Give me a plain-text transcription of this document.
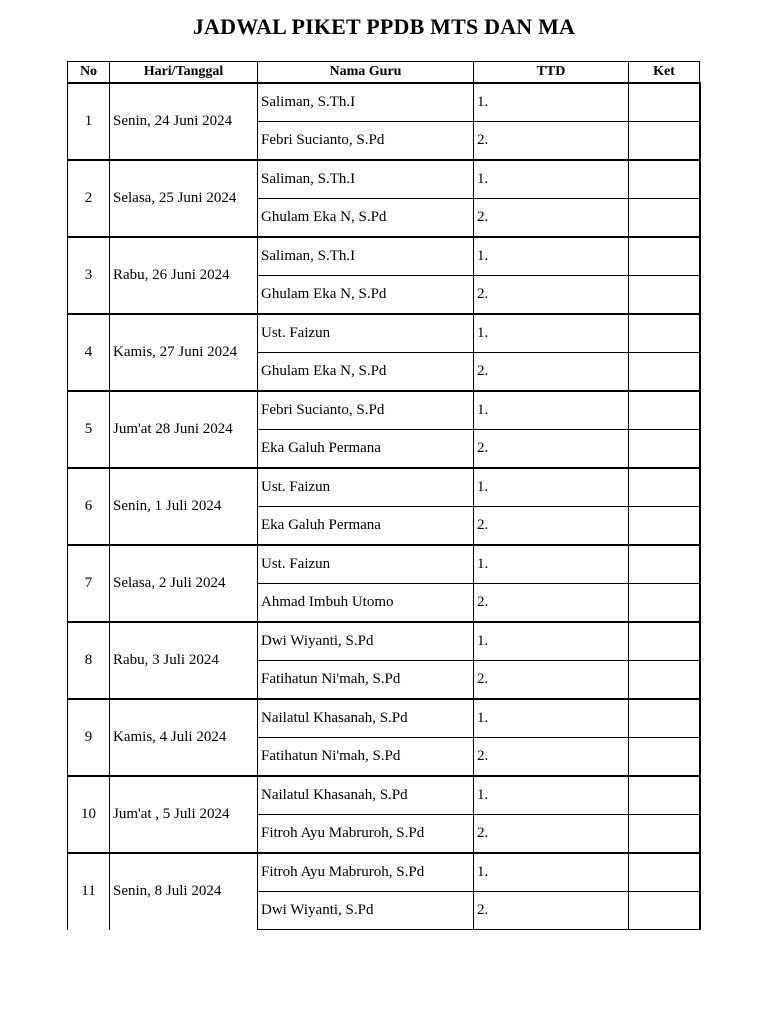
JADWAL PIKET PPDB MTS DAN MA
No	Hari/Tanggal	Nama Guru	TTD	Ket
1	Senin, 24 Juni 2024	Saliman, S.Th.I	1.	
		Febri Sucianto, S.Pd	2.	
2	Selasa, 25 Juni 2024	Saliman, S.Th.I	1.	
		Ghulam Eka N, S.Pd	2.	
3	Rabu, 26 Juni 2024	Saliman, S.Th.I	1.	
		Ghulam Eka N, S.Pd	2.	
4	Kamis, 27 Juni 2024	Ust. Faizun	1.	
		Ghulam Eka N, S.Pd	2.	
5	Jum'at 28 Juni 2024	Febri Sucianto, S.Pd	1.	
		Eka Galuh Permana	2.	
6	Senin, 1 Juli 2024	Ust. Faizun	1.	
		Eka Galuh Permana	2.	
7	Selasa, 2 Juli 2024	Ust. Faizun	1.	
		Ahmad Imbuh Utomo	2.	
8	Rabu, 3 Juli 2024	Dwi Wiyanti, S.Pd	1.	
		Fatihatun Ni'mah, S.Pd	2.	
9	Kamis, 4 Juli 2024	Nailatul Khasanah, S.Pd	1.	
		Fatihatun Ni'mah, S.Pd	2.	
10	Jum'at , 5 Juli 2024	Nailatul Khasanah, S.Pd	1.	
		Fitroh Ayu Mabruroh, S.Pd	2.	
11	Senin, 8 Juli 2024	Fitroh Ayu Mabruroh, S.Pd	1.	
		Dwi Wiyanti, S.Pd	2.	
